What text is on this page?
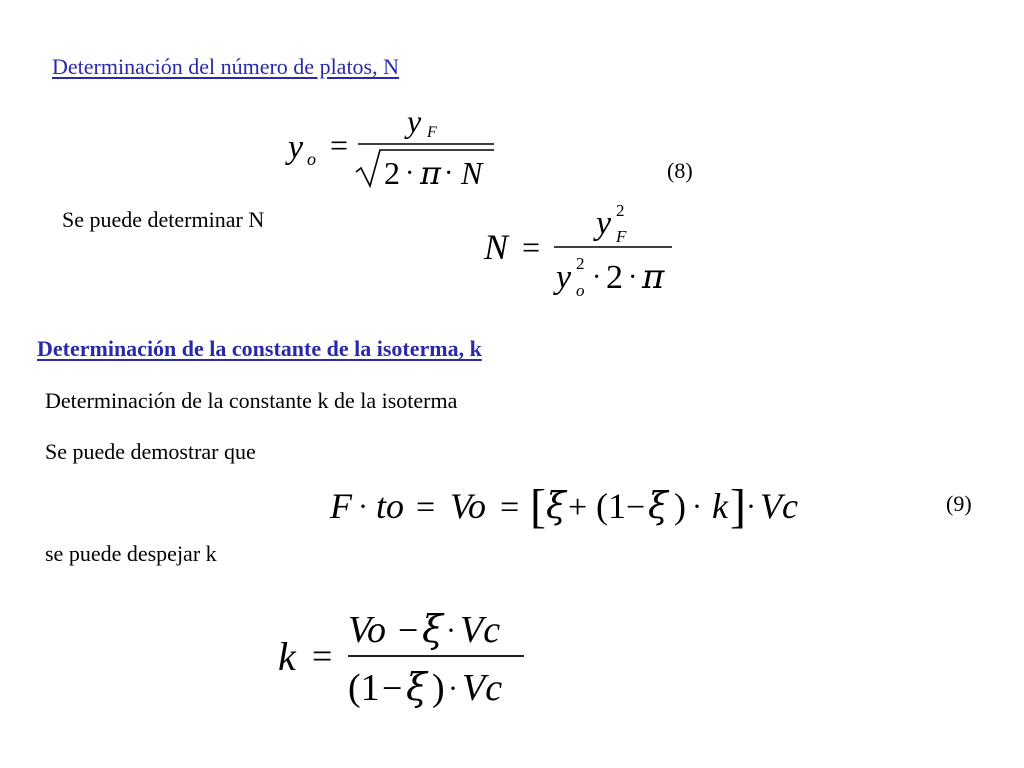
Determinación del número de platos, N
y o =
y F
2 · π · N	(8)
Se puede determinar N
N =
y 2
F
y 2
o · 2 · π
Determinación de la constante de la isoterma, k
Determinación de la constante k de la isoterma
Se puede demostrar que
F · to = Vo = [ ξ + (1 − ξ ) · k ] · Vc	(9)
se puede despejar k
k =
Vo − ξ · Vc
(1 − ξ ) · Vc
